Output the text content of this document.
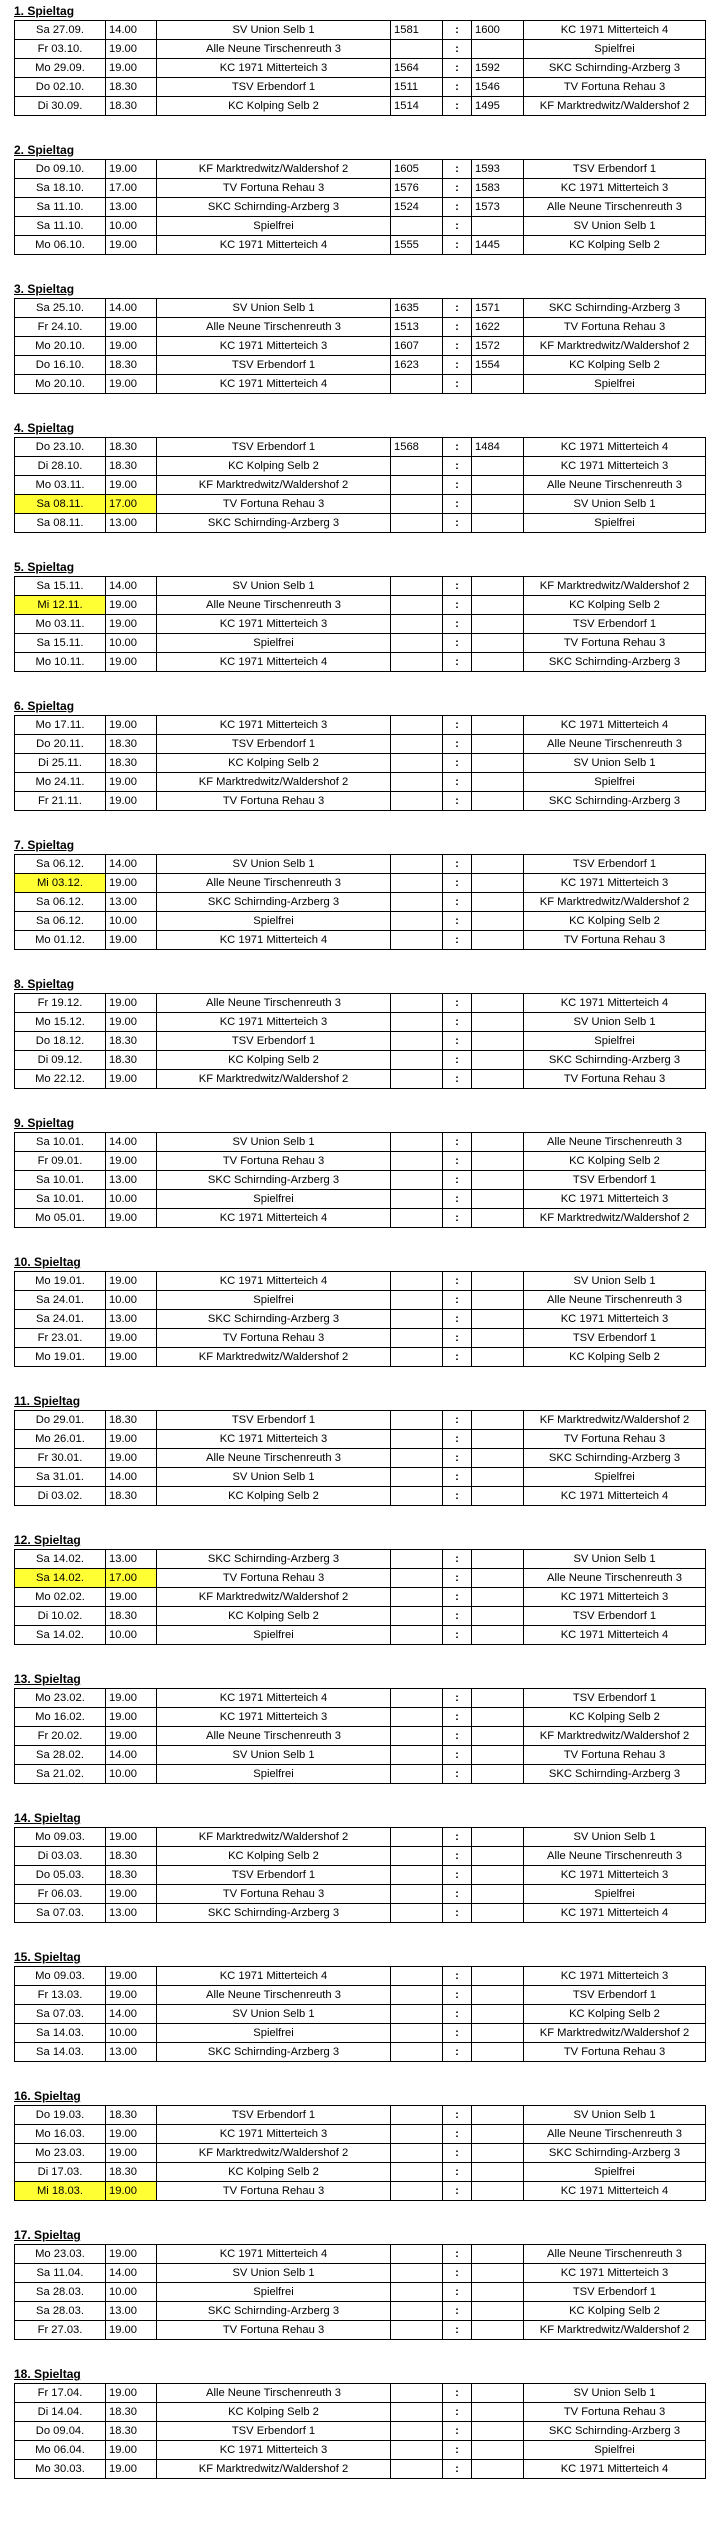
1. Spieltag
Sa 27.09.	14.00	SV Union Selb 1	1581	:	1600	KC 1971 Mitterteich 4
Fr 03.10.	19.00	Alle Neune Tirschenreuth 3		:		Spielfrei
Mo 29.09.	19.00	KC 1971 Mitterteich 3	1564	:	1592	SKC Schirnding-Arzberg 3
Do 02.10.	18.30	TSV Erbendorf 1	1511	:	1546	TV Fortuna Rehau 3
Di 30.09.	18.30	KC Kolping Selb 2	1514	:	1495	KF Marktredwitz/Waldershof 2
2. Spieltag
Do 09.10.	19.00	KF Marktredwitz/Waldershof 2	1605	:	1593	TSV Erbendorf 1
Sa 18.10.	17.00	TV Fortuna Rehau 3	1576	:	1583	KC 1971 Mitterteich 3
Sa 11.10.	13.00	SKC Schirnding-Arzberg 3	1524	:	1573	Alle Neune Tirschenreuth 3
Sa 11.10.	10.00	Spielfrei		:		SV Union Selb 1
Mo 06.10.	19.00	KC 1971 Mitterteich 4	1555	:	1445	KC Kolping Selb 2
3. Spieltag
Sa 25.10.	14.00	SV Union Selb 1	1635	:	1571	SKC Schirnding-Arzberg 3
Fr 24.10.	19.00	Alle Neune Tirschenreuth 3	1513	:	1622	TV Fortuna Rehau 3
Mo 20.10.	19.00	KC 1971 Mitterteich 3	1607	:	1572	KF Marktredwitz/Waldershof 2
Do 16.10.	18.30	TSV Erbendorf 1	1623	:	1554	KC Kolping Selb 2
Mo 20.10.	19.00	KC 1971 Mitterteich 4		:		Spielfrei
4. Spieltag
Do 23.10.	18.30	TSV Erbendorf 1	1568	:	1484	KC 1971 Mitterteich 4
Di 28.10.	18.30	KC Kolping Selb 2		:		KC 1971 Mitterteich 3
Mo 03.11.	19.00	KF Marktredwitz/Waldershof 2		:		Alle Neune Tirschenreuth 3
Sa 08.11.	17.00	TV Fortuna Rehau 3		:		SV Union Selb 1
Sa 08.11.	13.00	SKC Schirnding-Arzberg 3		:		Spielfrei
5. Spieltag
Sa 15.11.	14.00	SV Union Selb 1		:		KF Marktredwitz/Waldershof 2
Mi 12.11.	19.00	Alle Neune Tirschenreuth 3		:		KC Kolping Selb 2
Mo 03.11.	19.00	KC 1971 Mitterteich 3		:		TSV Erbendorf 1
Sa 15.11.	10.00	Spielfrei		:		TV Fortuna Rehau 3
Mo 10.11.	19.00	KC 1971 Mitterteich 4		:		SKC Schirnding-Arzberg 3
6. Spieltag
Mo 17.11.	19.00	KC 1971 Mitterteich 3		:		KC 1971 Mitterteich 4
Do 20.11.	18.30	TSV Erbendorf 1		:		Alle Neune Tirschenreuth 3
Di 25.11.	18.30	KC Kolping Selb 2		:		SV Union Selb 1
Mo 24.11.	19.00	KF Marktredwitz/Waldershof 2		:		Spielfrei
Fr 21.11.	19.00	TV Fortuna Rehau 3		:		SKC Schirnding-Arzberg 3
7. Spieltag
Sa 06.12.	14.00	SV Union Selb 1		:		TSV Erbendorf 1
Mi 03.12.	19.00	Alle Neune Tirschenreuth 3		:		KC 1971 Mitterteich 3
Sa 06.12.	13.00	SKC Schirnding-Arzberg 3		:		KF Marktredwitz/Waldershof 2
Sa 06.12.	10.00	Spielfrei		:		KC Kolping Selb 2
Mo 01.12.	19.00	KC 1971 Mitterteich 4		:		TV Fortuna Rehau 3
8. Spieltag
Fr 19.12.	19.00	Alle Neune Tirschenreuth 3		:		KC 1971 Mitterteich 4
Mo 15.12.	19.00	KC 1971 Mitterteich 3		:		SV Union Selb 1
Do 18.12.	18.30	TSV Erbendorf 1		:		Spielfrei
Di 09.12.	18.30	KC Kolping Selb 2		:		SKC Schirnding-Arzberg 3
Mo 22.12.	19.00	KF Marktredwitz/Waldershof 2		:		TV Fortuna Rehau 3
9. Spieltag
Sa 10.01.	14.00	SV Union Selb 1		:		Alle Neune Tirschenreuth 3
Fr 09.01.	19.00	TV Fortuna Rehau 3		:		KC Kolping Selb 2
Sa 10.01.	13.00	SKC Schirnding-Arzberg 3		:		TSV Erbendorf 1
Sa 10.01.	10.00	Spielfrei		:		KC 1971 Mitterteich 3
Mo 05.01.	19.00	KC 1971 Mitterteich 4		:		KF Marktredwitz/Waldershof 2
10. Spieltag
Mo 19.01.	19.00	KC 1971 Mitterteich 4		:		SV Union Selb 1
Sa 24.01.	10.00	Spielfrei		:		Alle Neune Tirschenreuth 3
Sa 24.01.	13.00	SKC Schirnding-Arzberg 3		:		KC 1971 Mitterteich 3
Fr 23.01.	19.00	TV Fortuna Rehau 3		:		TSV Erbendorf 1
Mo 19.01.	19.00	KF Marktredwitz/Waldershof 2		:		KC Kolping Selb 2
11. Spieltag
Do 29.01.	18.30	TSV Erbendorf 1		:		KF Marktredwitz/Waldershof 2
Mo 26.01.	19.00	KC 1971 Mitterteich 3		:		TV Fortuna Rehau 3
Fr 30.01.	19.00	Alle Neune Tirschenreuth 3		:		SKC Schirnding-Arzberg 3
Sa 31.01.	14.00	SV Union Selb 1		:		Spielfrei
Di 03.02.	18.30	KC Kolping Selb 2		:		KC 1971 Mitterteich 4
12. Spieltag
Sa 14.02.	13.00	SKC Schirnding-Arzberg 3		:		SV Union Selb 1
Sa 14.02.	17.00	TV Fortuna Rehau 3		:		Alle Neune Tirschenreuth 3
Mo 02.02.	19.00	KF Marktredwitz/Waldershof 2		:		KC 1971 Mitterteich 3
Di 10.02.	18.30	KC Kolping Selb 2		:		TSV Erbendorf 1
Sa 14.02.	10.00	Spielfrei		:		KC 1971 Mitterteich 4
13. Spieltag
Mo 23.02.	19.00	KC 1971 Mitterteich 4		:		TSV Erbendorf 1
Mo 16.02.	19.00	KC 1971 Mitterteich 3		:		KC Kolping Selb 2
Fr 20.02.	19.00	Alle Neune Tirschenreuth 3		:		KF Marktredwitz/Waldershof 2
Sa 28.02.	14.00	SV Union Selb 1		:		TV Fortuna Rehau 3
Sa 21.02.	10.00	Spielfrei		:		SKC Schirnding-Arzberg 3
14. Spieltag
Mo 09.03.	19.00	KF Marktredwitz/Waldershof 2		:		SV Union Selb 1
Di 03.03.	18.30	KC Kolping Selb 2		:		Alle Neune Tirschenreuth 3
Do 05.03.	18.30	TSV Erbendorf 1		:		KC 1971 Mitterteich 3
Fr 06.03.	19.00	TV Fortuna Rehau 3		:		Spielfrei
Sa 07.03.	13.00	SKC Schirnding-Arzberg 3		:		KC 1971 Mitterteich 4
15. Spieltag
Mo 09.03.	19.00	KC 1971 Mitterteich 4		:		KC 1971 Mitterteich 3
Fr 13.03.	19.00	Alle Neune Tirschenreuth 3		:		TSV Erbendorf 1
Sa 07.03.	14.00	SV Union Selb 1		:		KC Kolping Selb 2
Sa 14.03.	10.00	Spielfrei		:		KF Marktredwitz/Waldershof 2
Sa 14.03.	13.00	SKC Schirnding-Arzberg 3		:		TV Fortuna Rehau 3
16. Spieltag
Do 19.03.	18.30	TSV Erbendorf 1		:		SV Union Selb 1
Mo 16.03.	19.00	KC 1971 Mitterteich 3		:		Alle Neune Tirschenreuth 3
Mo 23.03.	19.00	KF Marktredwitz/Waldershof 2		:		SKC Schirnding-Arzberg 3
Di 17.03.	18.30	KC Kolping Selb 2		:		Spielfrei
Mi 18.03.	19.00	TV Fortuna Rehau 3		:		KC 1971 Mitterteich 4
17. Spieltag
Mo 23.03.	19.00	KC 1971 Mitterteich 4		:		Alle Neune Tirschenreuth 3
Sa 11.04.	14.00	SV Union Selb 1		:		KC 1971 Mitterteich 3
Sa 28.03.	10.00	Spielfrei		:		TSV Erbendorf 1
Sa 28.03.	13.00	SKC Schirnding-Arzberg 3		:		KC Kolping Selb 2
Fr 27.03.	19.00	TV Fortuna Rehau 3		:		KF Marktredwitz/Waldershof 2
18. Spieltag
Fr 17.04.	19.00	Alle Neune Tirschenreuth 3		:		SV Union Selb 1
Di 14.04.	18.30	KC Kolping Selb 2		:		TV Fortuna Rehau 3
Do 09.04.	18.30	TSV Erbendorf 1		:		SKC Schirnding-Arzberg 3
Mo 06.04.	19.00	KC 1971 Mitterteich 3		:		Spielfrei
Mo 30.03.	19.00	KF Marktredwitz/Waldershof 2		:		KC 1971 Mitterteich 4
